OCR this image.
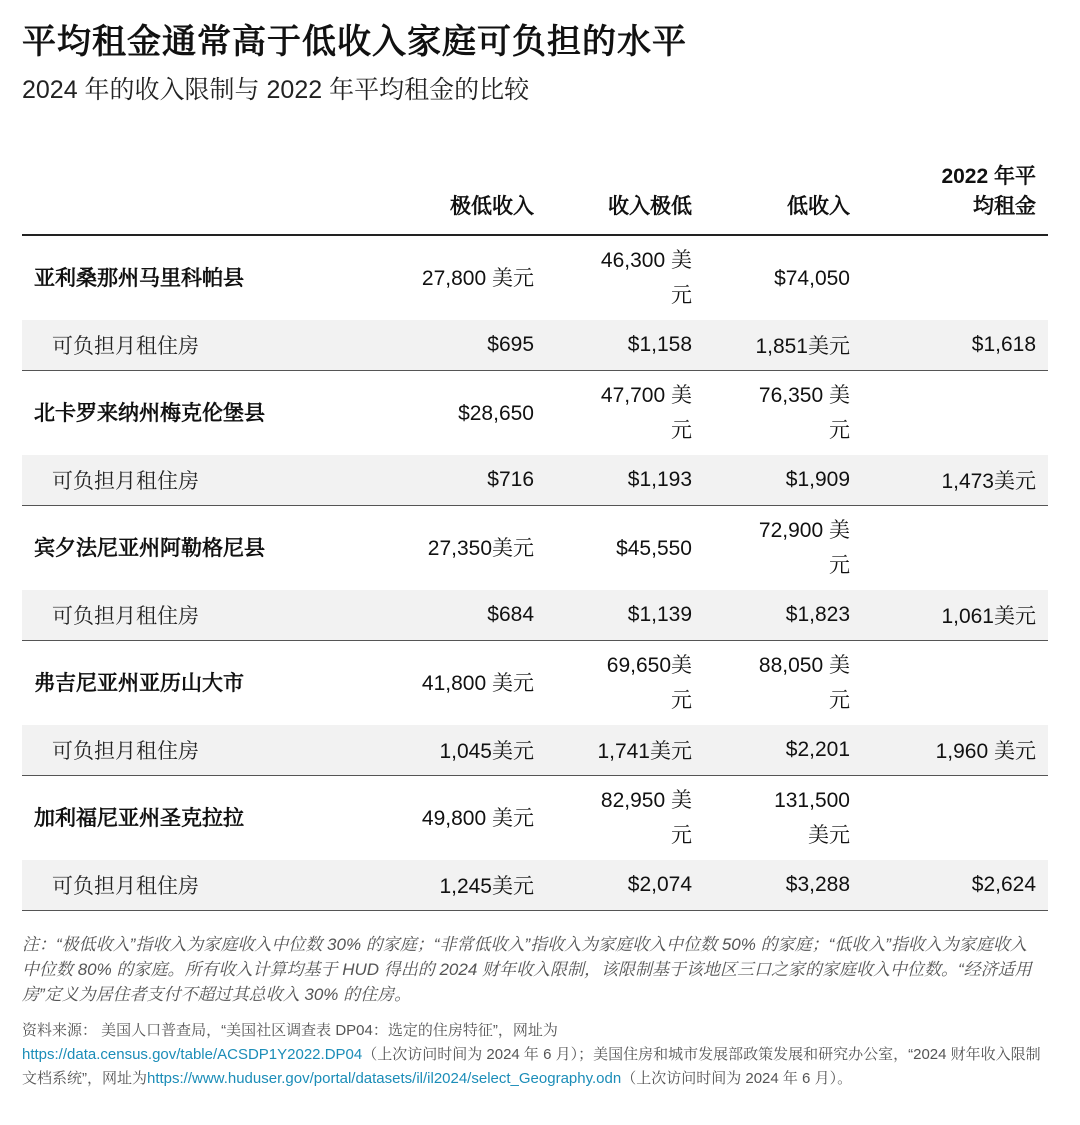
平均租金通常高于低收入家庭可负担的水平

2024 年的收入限制与 2022 年平均租金的比较

	极低收入	收入极低	低收入	2022 年平均租金
亚利桑那州马里科帕县	27,800 美元	46,300 美元	$74,050	
可负担月租住房	$695	$1,158	1,851美元	$1,618
北卡罗来纳州梅克伦堡县	$28,650	47,700 美元	76,350 美元	
可负担月租住房	$716	$1,193	$1,909	1,473美元
宾夕法尼亚州阿勒格尼县	27,350美元	$45,550	72,900 美元	
可负担月租住房	$684	$1,139	$1,823	1,061美元
弗吉尼亚州亚历山大市	41,800 美元	69,650美元	88,050 美元	
可负担月租住房	1,045美元	1,741美元	$2,201	1,960 美元
加利福尼亚州圣克拉拉	49,800 美元	82,950 美元	131,500 美元	
可负担月租住房	1,245美元	$2,074	$3,288	$2,624

注：“极低收入”指收入为家庭收入中位数 30% 的家庭；“非常低收入”指收入为家庭收入中位数 50% 的家庭；“低收入”指收入为家庭收入中位数 80% 的家庭。所有收入计算均基于 HUD 得出的 2024 财年收入限制，该限制基于该地区三口之家的家庭收入中位数。“经济适用房”定义为居住者支付不超过其总收入 30% 的住房。

资料来源： 美国人口普查局，“美国社区调查表 DP04：选定的住房特征”，网址为
https://data.census.gov/table/ACSDP1Y2022.DP04（上次访问时间为 2024 年 6 月）；美国住房和城市发展部政策发展和研究办公室，“2024 财年收入限制文档系统”，网址为https://www.huduser.gov/portal/datasets/il/il2024/select_Geography.odn（上次访问时间为 2024 年 6 月）。
